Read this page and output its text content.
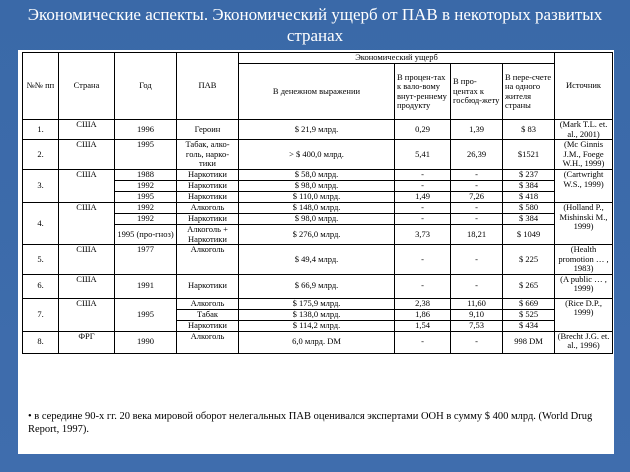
Экономические аспекты. Экономический ущерб от ПАВ в некоторых развитых странах
№№ пп	Страна	Год	ПАВ	Экономический ущерб				Источник
				В денежном выражении	В процен-тах к вало-вому внут-реннему продукту	В про-центах к госбюд-жету	В пере-счете на одного жителя страны	
1.	США	1996	Героин	$ 21,9 млрд.	0,29	1,39	$ 83	(Mark T.L. et. al., 2001)
2.	США	1995	Табак, алко-голь, нарко-тики	> $ 400,0 млрд.	5,41	26,39	$1521	(Mc Ginnis J.M., Foege W.H., 1999)
3.	США	1988	Наркотики	$ 58,0 млрд.	-	-	$ 237	(Cartwright W.S., 1999)
		1992	Наркотики	$ 98,0 млрд.	-	-	$ 384	
		1995	Наркотики	$ 110,0 млрд.	1,49	7,26	$ 418	
4.	США	1992	Алкоголь	$ 148,0 млрд.	-	-	$ 580	(Holland P., Mishinski M., 1999)
		1992	Наркотики	$ 98,0 млрд.	-	-	$ 384	
		1995 (про-гноз)	Алкоголь + Наркотики	$ 276,0 млрд.	3,73	18,21	$ 1049	
5.	США	1977	Алкоголь	$ 49,4 млрд.	-	-	$ 225	(Health promotion … , 1983)
6.	США	1991	Наркотики	$ 66,9 млрд.	-	-	$ 265	(A public … , 1999)
7.	США	1995	Алкоголь	$ 175,9 млрд.	2,38	11,60	$ 669	(Rice D.P., 1999)
			Табак	$ 138,0 млрд.	1,86	9,10	$ 525	
			Наркотики	$ 114,2 млрд.	1,54	7,53	$ 434	
8.	ФРГ	1990	Алкоголь	6,0 млрд. DM	-	-	998 DM	(Brecht J.G. et. al., 1996)
• в середине 90-х гг. 20 века мировой оборот нелегальных ПАВ оценивался экспертами ООН в сумму $ 400 млрд. (World Drug Report, 1997).
